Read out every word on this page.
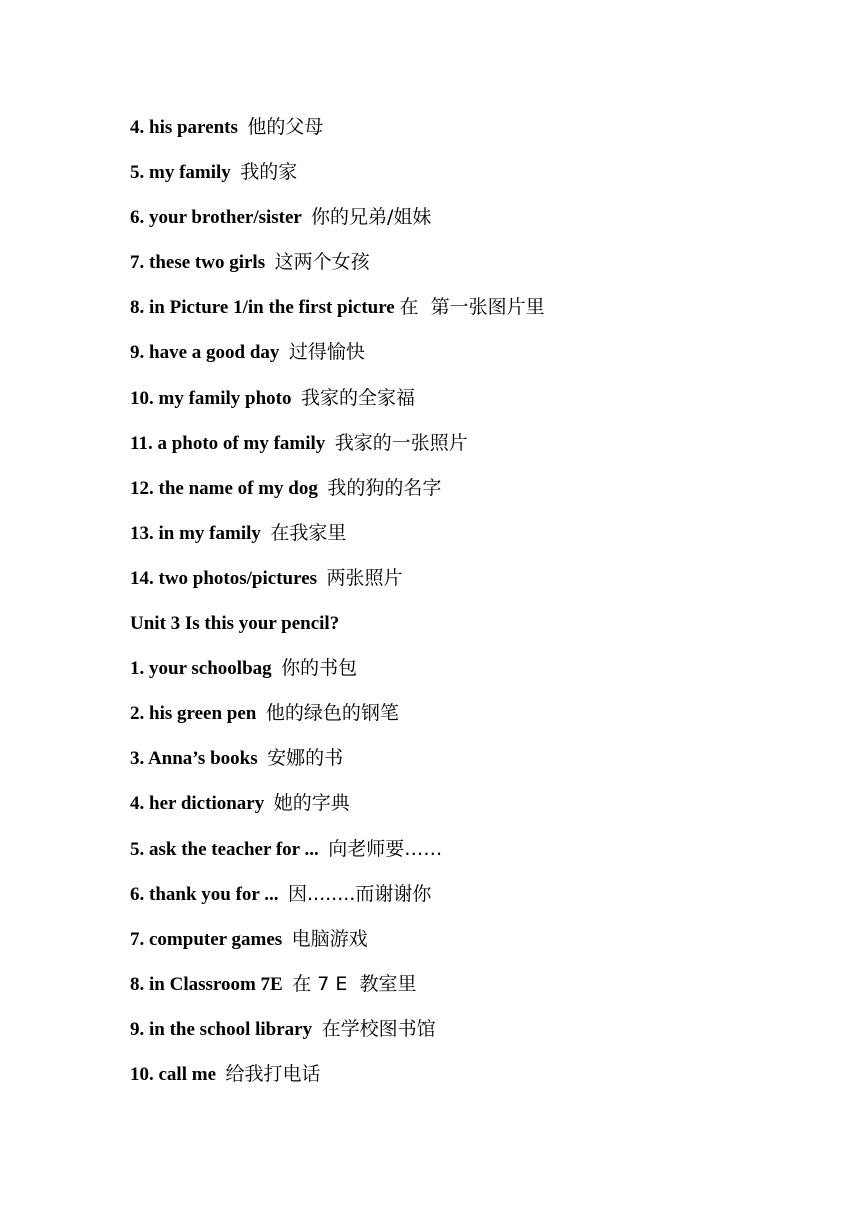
4. his parents  他的父母
5. my family  我的家
6. your brother/sister  你的兄弟/姐妹
7. these two girls  这两个女孩
8. in Picture 1/in the first picture 在  第一张图片里
9. have a good day  过得愉快
10. my family photo  我家的全家福
11. a photo of my family  我家的一张照片
12. the name of my dog  我的狗的名字
13. in my family  在我家里
14. two photos/pictures  两张照片
Unit 3 Is this your pencil?
1. your schoolbag  你的书包
2. his green pen  他的绿色的钢笔
3. Anna’s books  安娜的书
4. her dictionary  她的字典
5. ask the teacher for ...  向老师要……
6. thank you for ...  因........而谢谢你
7. computer games  电脑游戏
8. in Classroom 7E  在 7 E  教室里
9. in the school library  在学校图书馆
10. call me  给我打电话
